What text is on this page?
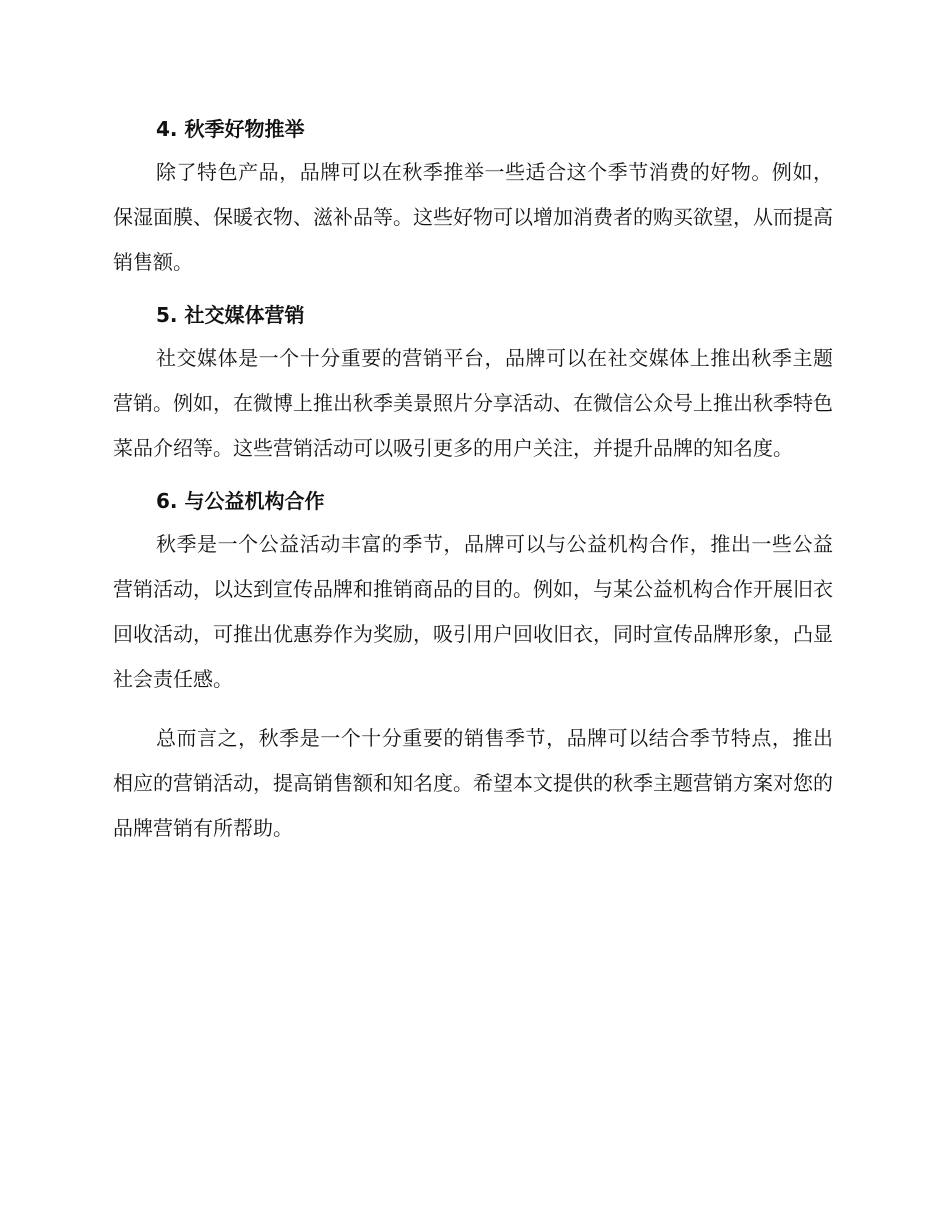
4. 秋季好物推举

除了特色产品，品牌可以在秋季推举一些适合这个季节消费的好物。例如，保湿面膜、保暖衣物、滋补品等。这些好物可以增加消费者的购买欲望，从而提高销售额。

5. 社交媒体营销

社交媒体是一个十分重要的营销平台，品牌可以在社交媒体上推出秋季主题营销。例如，在微博上推出秋季美景照片分享活动、在微信公众号上推出秋季特色菜品介绍等。这些营销活动可以吸引更多的用户关注，并提升品牌的知名度。

6. 与公益机构合作

秋季是一个公益活动丰富的季节，品牌可以与公益机构合作，推出一些公益营销活动，以达到宣传品牌和推销商品的目的。例如，与某公益机构合作开展旧衣回收活动，可推出优惠券作为奖励，吸引用户回收旧衣，同时宣传品牌形象，凸显社会责任感。

总而言之，秋季是一个十分重要的销售季节，品牌可以结合季节特点，推出相应的营销活动，提高销售额和知名度。希望本文提供的秋季主题营销方案对您的品牌营销有所帮助。
